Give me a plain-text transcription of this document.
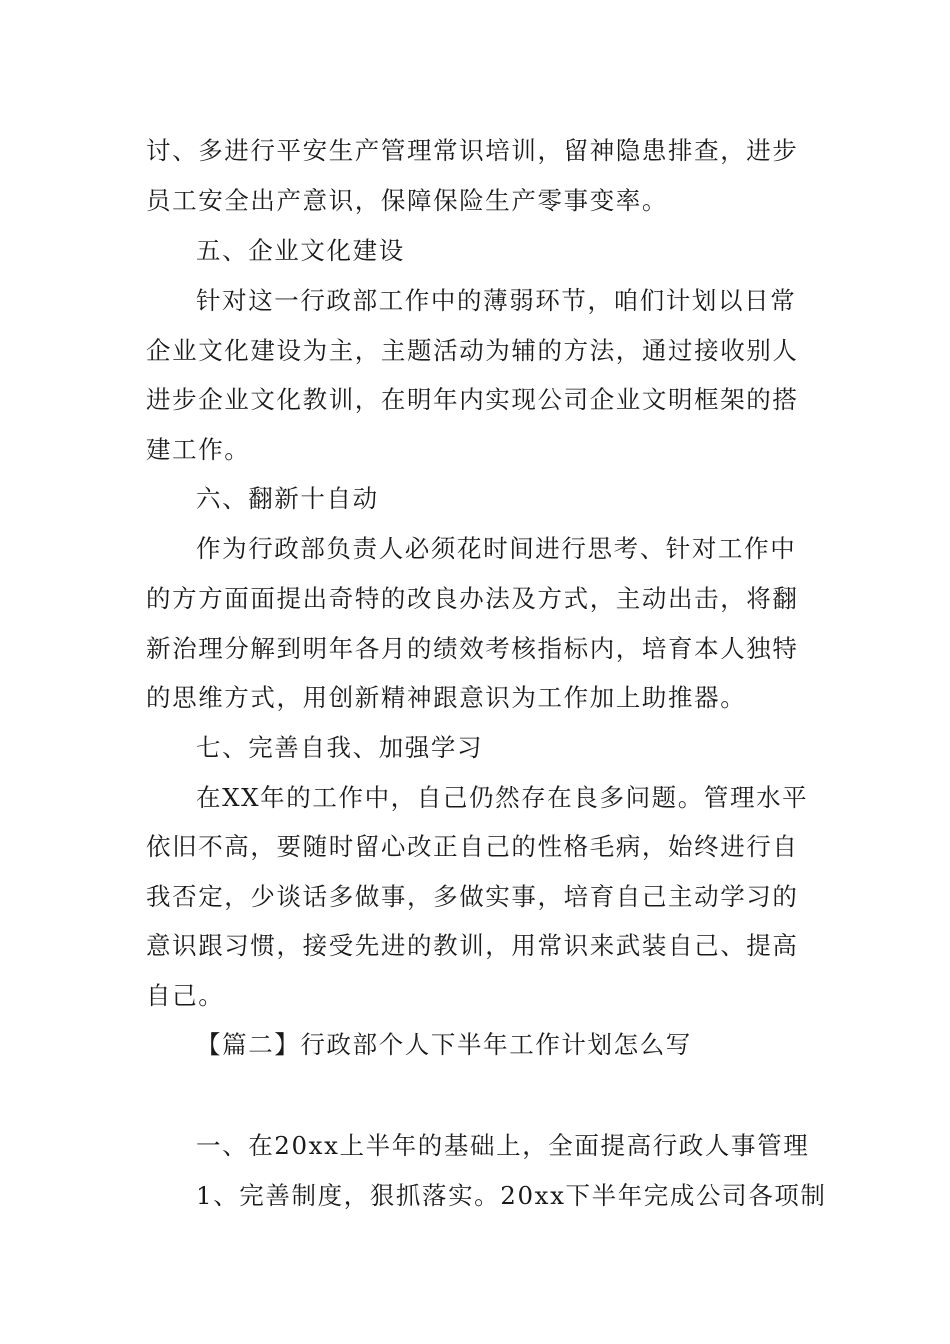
讨、多进行平安生产管理常识培训，留神隐患排查，进步
员工安全出产意识，保障保险生产零事变率。
五、企业文化建设
针对这一行政部工作中的薄弱环节，咱们计划以日常
企业文化建设为主，主题活动为辅的方法，通过接收别人
进步企业文化教训，在明年内实现公司企业文明框架的搭
建工作。
六、翻新十自动
作为行政部负责人必须花时间进行思考、针对工作中
的方方面面提出奇特的改良办法及方式，主动出击，将翻
新治理分解到明年各月的绩效考核指标内，培育本人独特
的思维方式，用创新精神跟意识为工作加上助推器。
七、完善自我、加强学习
在XX年的工作中，自己仍然存在良多问题。管理水平
依旧不高，要随时留心改正自己的性格毛病，始终进行自
我否定，少谈话多做事，多做实事，培育自己主动学习的
意识跟习惯，接受先进的教训，用常识来武装自己、提高
自己。
【篇二】行政部个人下半年工作计划怎么写
一、在20xx上半年的基础上，全面提高行政人事管理
1、完善制度，狠抓落实。20xx下半年完成公司各项制
